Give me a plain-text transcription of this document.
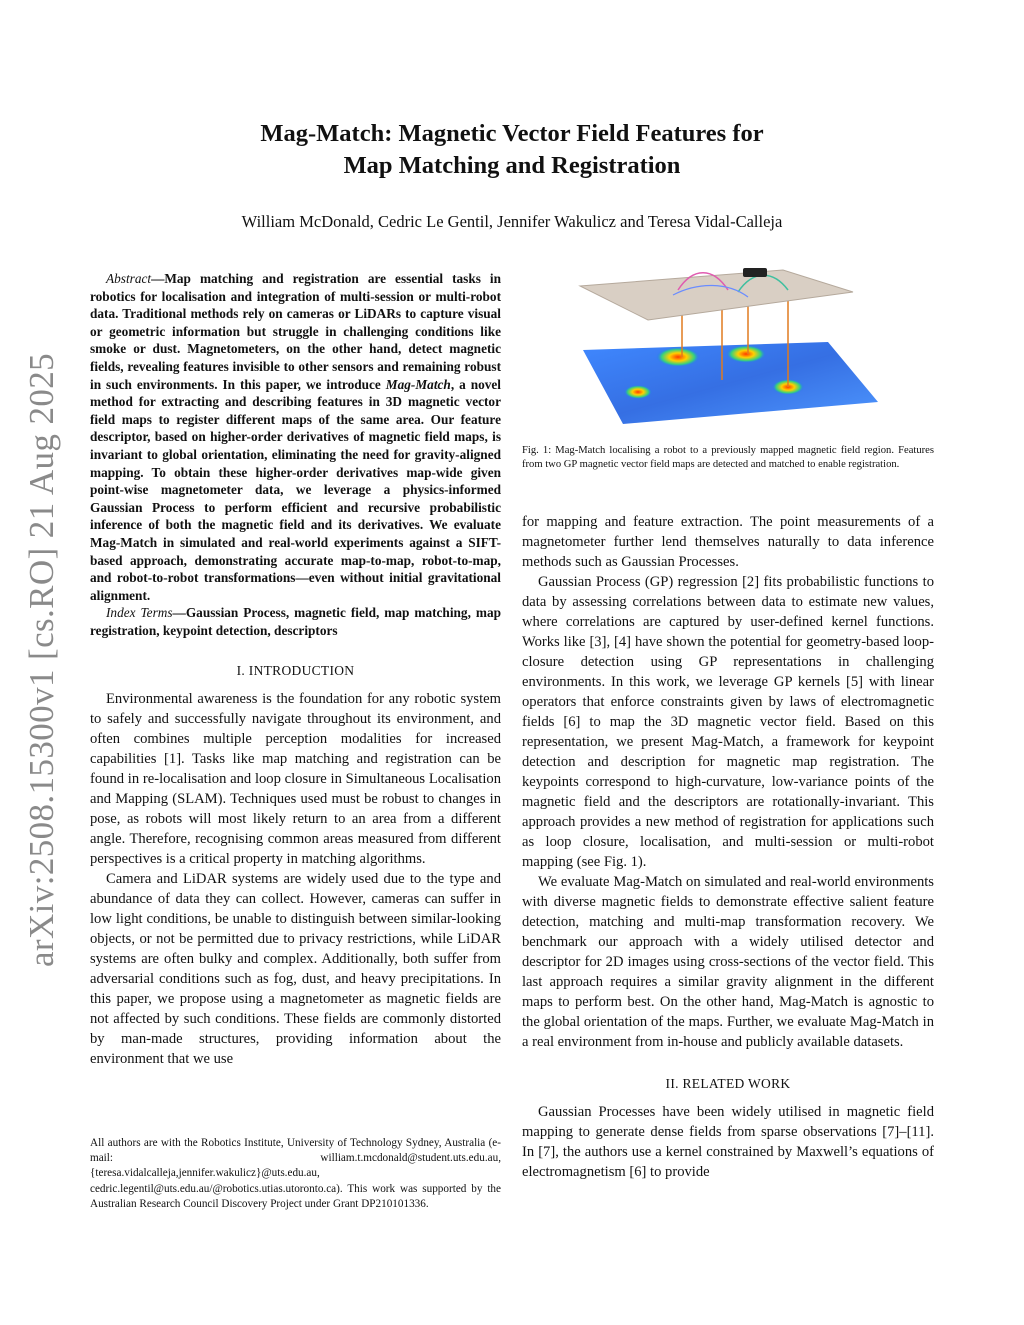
arXiv:2508.15300v1 [cs.RO] 21 Aug 2025
Mag-Match: Magnetic Vector Field Features for
Map Matching and Registration
William McDonald, Cedric Le Gentil, Jennifer Wakulicz and Teresa Vidal-Calleja

Abstract—Map matching and registration are essential tasks in robotics for localisation and integration of multi-session or multi-robot data. Traditional methods rely on cameras or LiDARs to capture visual or geometric information but struggle in challenging conditions like smoke or dust. Magnetometers, on the other hand, detect magnetic fields, revealing features invisible to other sensors and remaining robust in such environments. In this paper, we introduce Mag-Match, a novel method for extracting and describing features in 3D magnetic vector field maps to register different maps of the same area. Our feature descriptor, based on higher-order derivatives of magnetic field maps, is invariant to global orientation, eliminating the need for gravity-aligned mapping. To obtain these higher-order derivatives map-wide given point-wise magnetometer data, we leverage a physics-informed Gaussian Process to perform efficient and recursive probabilistic inference of both the magnetic field and its derivatives. We evaluate Mag-Match in simulated and real-world experiments against a SIFT-based approach, demonstrating accurate map-to-map, robot-to-map, and robot-to-robot transformations—even without initial gravitational alignment.

Index Terms—Gaussian Process, magnetic field, map matching, map registration, keypoint detection, descriptors

I. INTRODUCTION

Environmental awareness is the foundation for any robotic system to safely and successfully navigate throughout its environment, and often combines multiple perception modalities for increased capabilities [1]. Tasks like map matching and registration can be found in re-localisation and loop closure in Simultaneous Localisation and Mapping (SLAM). Techniques used must be robust to changes in pose, as robots will most likely return to an area from a different angle. Therefore, recognising common areas measured from different perspectives is a critical property in matching algorithms.

Camera and LiDAR systems are widely used due to the type and abundance of data they can collect. However, cameras can suffer in low light conditions, be unable to distinguish between similar-looking objects, or not be permitted due to privacy restrictions, while LiDAR systems are often bulky and complex. Additionally, both suffer from adversarial conditions such as fog, dust, and heavy precipitations. In this paper, we propose using a magnetometer as magnetic fields are not affected by such conditions. These fields are commonly distorted by man-made structures, providing information about the environment that we use

All authors are with the Robotics Institute, University of Technology Sydney, Australia (e-mail: william.t.mcdonald@student.uts.edu.au, {teresa.vidalcalleja,jennifer.wakulicz}@uts.edu.au, cedric.legentil@uts.edu.au/@robotics.utias.utoronto.ca). This work was supported by the Australian Research Council Discovery Project under Grant DP210101336.
Fig. 1: Mag-Match localising a robot to a previously mapped magnetic field region. Features from two GP magnetic vector field maps are detected and matched to enable registration.

for mapping and feature extraction. The point measurements of a magnetometer further lend themselves naturally to data inference methods such as Gaussian Processes.

Gaussian Process (GP) regression [2] fits probabilistic functions to data by assessing correlations between data to estimate new values, where correlations are captured by user-defined kernel functions. Works like [3], [4] have shown the potential for geometry-based loop-closure detection using GP representations in challenging environments. In this work, we leverage GP kernels [5] with linear operators that enforce constraints given by laws of electromagnetic fields [6] to map the 3D magnetic vector field. Based on this representation, we present Mag-Match, a framework for keypoint detection and description for magnetic map registration. The keypoints correspond to high-curvature, low-variance points of the magnetic field and the descriptors are rotationally-invariant. This approach provides a new method of registration for applications such as loop closure, localisation, and multi-session or multi-robot mapping (see Fig. 1).

We evaluate Mag-Match on simulated and real-world environments with diverse magnetic fields to demonstrate effective salient feature detection, matching and multi-map transformation recovery. We benchmark our approach with a widely utilised detector and descriptor for 2D images using cross-sections of the vector field. This last approach requires a similar gravity alignment in the different maps to perform best. On the other hand, Mag-Match is agnostic to the global orientation of the maps. Further, we evaluate Mag-Match in a real environment from in-house and publicly available datasets.

II. RELATED WORK

Gaussian Processes have been widely utilised in magnetic field mapping to generate dense fields from sparse observations [7]–[11]. In [7], the authors use a kernel constrained by Maxwell’s equations of electromagnetism [6] to provide
